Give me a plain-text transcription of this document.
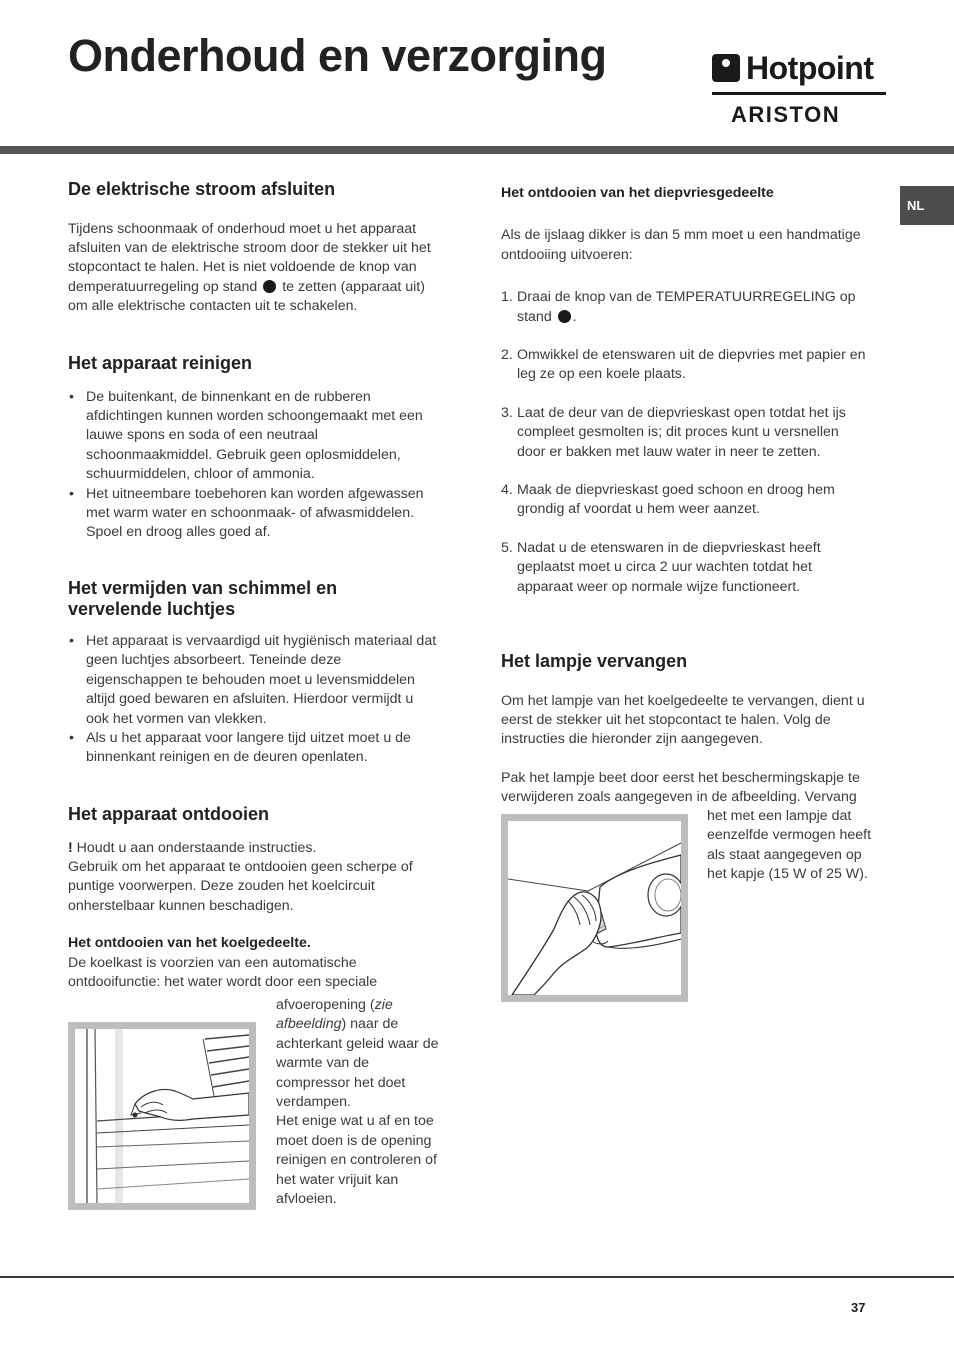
Onderhoud en verzorging	Hotpoint
ARISTON
NL
De elektrische stroom afsluiten
Tijdens schoonmaak of onderhoud moet u het apparaat
afsluiten van de elektrische stroom door de stekker uit het
stopcontact te halen. Het is niet voldoende de knop van
demperatuurregeling op stand te zetten (apparaat uit)
om alle elektrische contacten uit te schakelen.
Het apparaat reinigen
• De buitenkant, de binnenkant en de rubberen
afdichtingen kunnen worden schoongemaakt met een
lauwe spons en soda of een neutraal
schoonmaakmiddel. Gebruik geen oplosmiddelen,
schuurmiddelen, chloor of ammonia.
• Het uitneembare toebehoren kan worden afgewassen
met warm water en schoonmaak- of afwasmiddelen.
Spoel en droog alles goed af.
Het vermijden van schimmel en
vervelende luchtjes
• Het apparaat is vervaardigd uit hygiënisch materiaal dat
geen luchtjes absorbeert. Teneinde deze
eigenschappen te behouden moet u levensmiddelen
altijd goed bewaren en afsluiten. Hierdoor vermijdt u
ook het vormen van vlekken.
• Als u het apparaat voor langere tijd uitzet moet u de
binnenkant reinigen en de deuren openlaten.
Het apparaat ontdooien
! Houdt u aan onderstaande instructies.
Gebruik om het apparaat te ontdooien geen scherpe of
puntige voorwerpen. Deze zouden het koelcircuit
onherstelbaar kunnen beschadigen.
Het ontdooien van het koelgedeelte.
De koelkast is voorzien van een automatische
ontdooifunctie: het water wordt door een speciale
afvoeropening (zie
afbeelding) naar de
achterkant geleid waar de
warmte van de
compressor het doet
verdampen.
Het enige wat u af en toe
moet doen is de opening
reinigen en controleren of
het water vrijuit kan
afvloeien.
Het ontdooien van het diepvriesgedeelte
Als de ijslaag dikker is dan 5 mm moet u een handmatige
ontdooiing uitvoeren:
1. Draai de knop van de TEMPERATUURREGELING op
stand .
2. Omwikkel de etenswaren uit de diepvries met papier en
leg ze op een koele plaats.
3. Laat de deur van de diepvrieskast open totdat het ijs
compleet gesmolten is; dit proces kunt u versnellen
door er bakken met lauw water in neer te zetten.
4. Maak de diepvrieskast goed schoon en droog hem
grondig af voordat u hem weer aanzet.
5. Nadat u de etenswaren in de diepvrieskast heeft
geplaatst moet u circa 2 uur wachten totdat het
apparaat weer op normale wijze functioneert.
Het lampje vervangen
Om het lampje van het koelgedeelte te vervangen, dient u
eerst de stekker uit het stopcontact te halen. Volg de
instructies die hieronder zijn aangegeven.
Pak het lampje beet door eerst het beschermingskapje te
verwijderen zoals aangegeven in de afbeelding. Vervang
het met een lampje dat
eenzelfde vermogen heeft
als staat aangegeven op
het kapje (15 W of 25 W).
37
